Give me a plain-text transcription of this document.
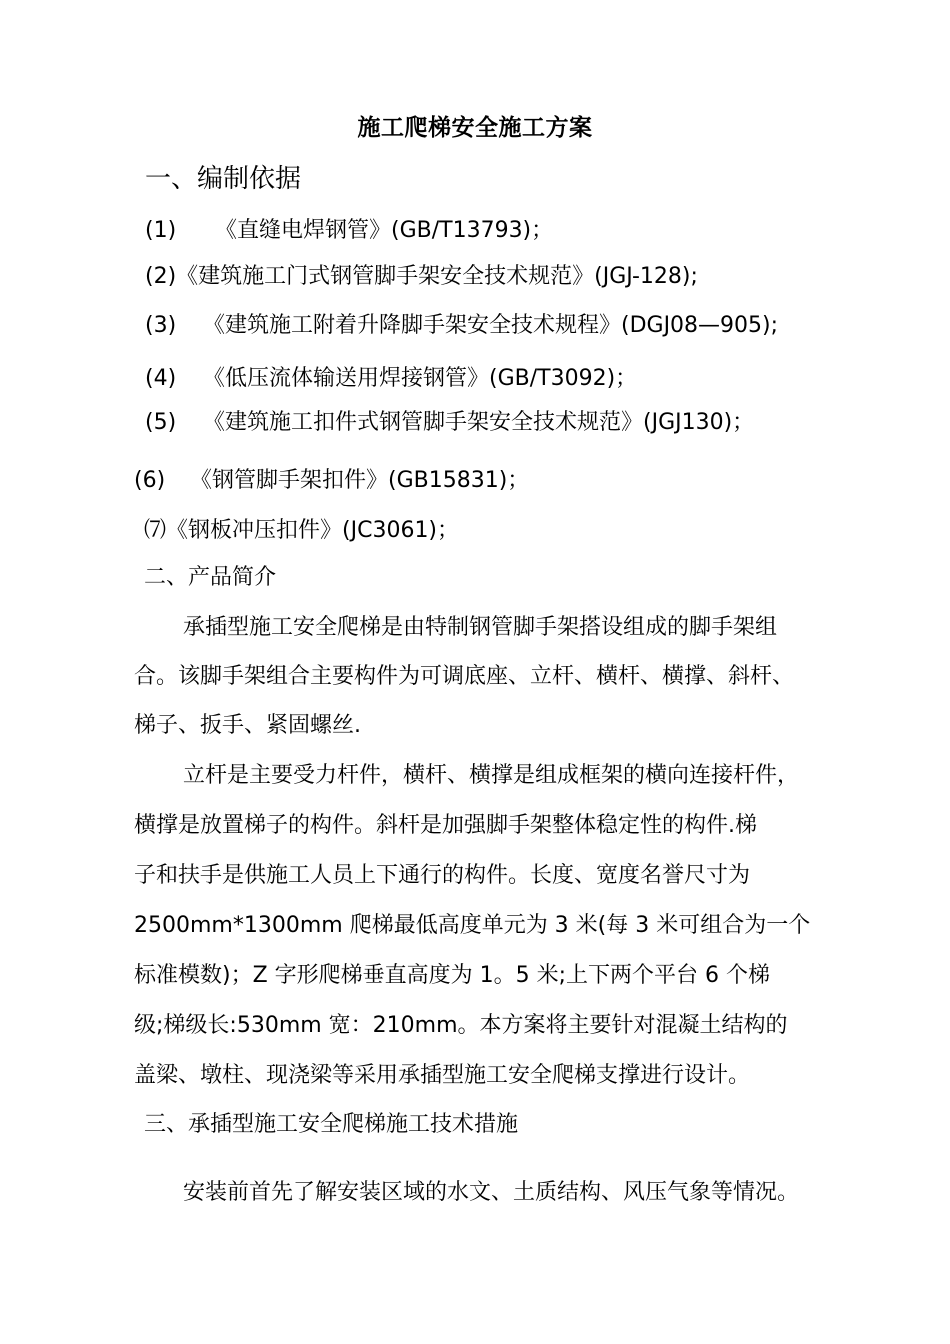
施工爬梯安全施工方案
一、编制依据
(1) 《直缝电焊钢管》(GB/T13793)；
(2)《建筑施工门式钢管脚手架安全技术规范》(JGJ-128);
(3) 《建筑施工附着升降脚手架安全技术规程》(DGJ08—905);
(4) 《低压流体输送用焊接钢管》(GB/T3092)；
(5) 《建筑施工扣件式钢管脚手架安全技术规范》(JGJ130)；
(6) 《钢管脚手架扣件》(GB15831)；
⑺《钢板冲压扣件》(JC3061)；
二、产品简介
承插型施工安全爬梯是由特制钢管脚手架搭设组成的脚手架组
合。该脚手架组合主要构件为可调底座、立杆、横杆、横撑、斜杆、
梯子、扳手、紧固螺丝.
立杆是主要受力杆件，横杆、横撑是组成框架的横向连接杆件，
横撑是放置梯子的构件。斜杆是加强脚手架整体稳定性的构件.梯
子和扶手是供施工人员上下通行的构件。长度、宽度名誉尺寸为
2500mm*1300mm 爬梯最低高度单元为 3 米(每 3 米可组合为一个
标准模数)；Z 字形爬梯垂直高度为 1。5 米;上下两个平台 6 个梯
级;梯级长:530mm 宽：210mm。本方案将主要针对混凝土结构的
盖梁、墩柱、现浇梁等采用承插型施工安全爬梯支撑进行设计。
三、承插型施工安全爬梯施工技术措施
安装前首先了解安装区域的水文、土质结构、风压气象等情况。
